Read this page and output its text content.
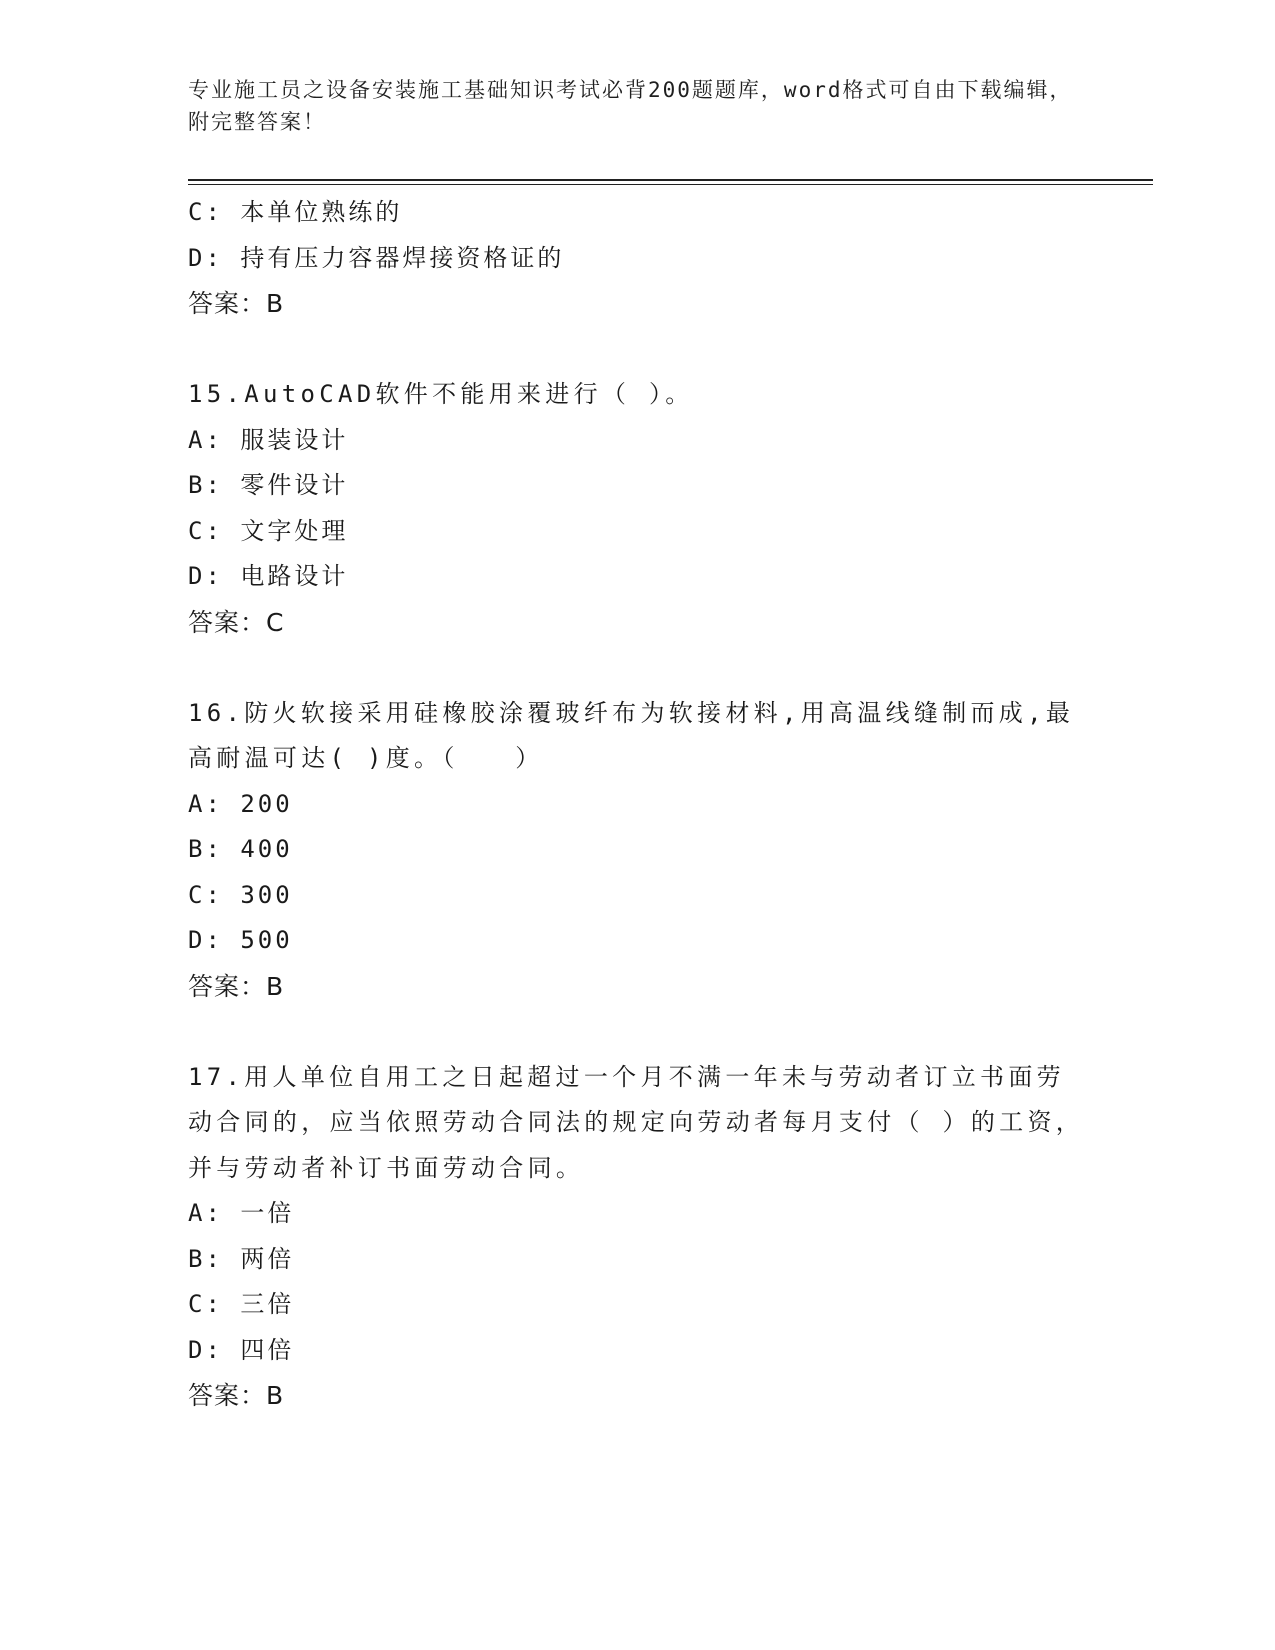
专业施工员之设备安装施工基础知识考试必背200题题库，word格式可自由下载编辑，附完整答案！
C: 本单位熟练的
D: 持有压力容器焊接资格证的
答案：B
15.AutoCAD软件不能用来进行（ ）。
A: 服装设计
B: 零件设计
C: 文字处理
D: 电路设计
答案：C
16.防火软接采用硅橡胶涂覆玻纤布为软接材料,用高温线缝制而成,最高耐温可达( )度。（　　）
A: 200
B: 400
C: 300
D: 500
答案：B
17.用人单位自用工之日起超过一个月不满一年未与劳动者订立书面劳动合同的，应当依照劳动合同法的规定向劳动者每月支付（ ）的工资，并与劳动者补订书面劳动合同。
A: 一倍
B: 两倍
C: 三倍
D: 四倍
答案：B
